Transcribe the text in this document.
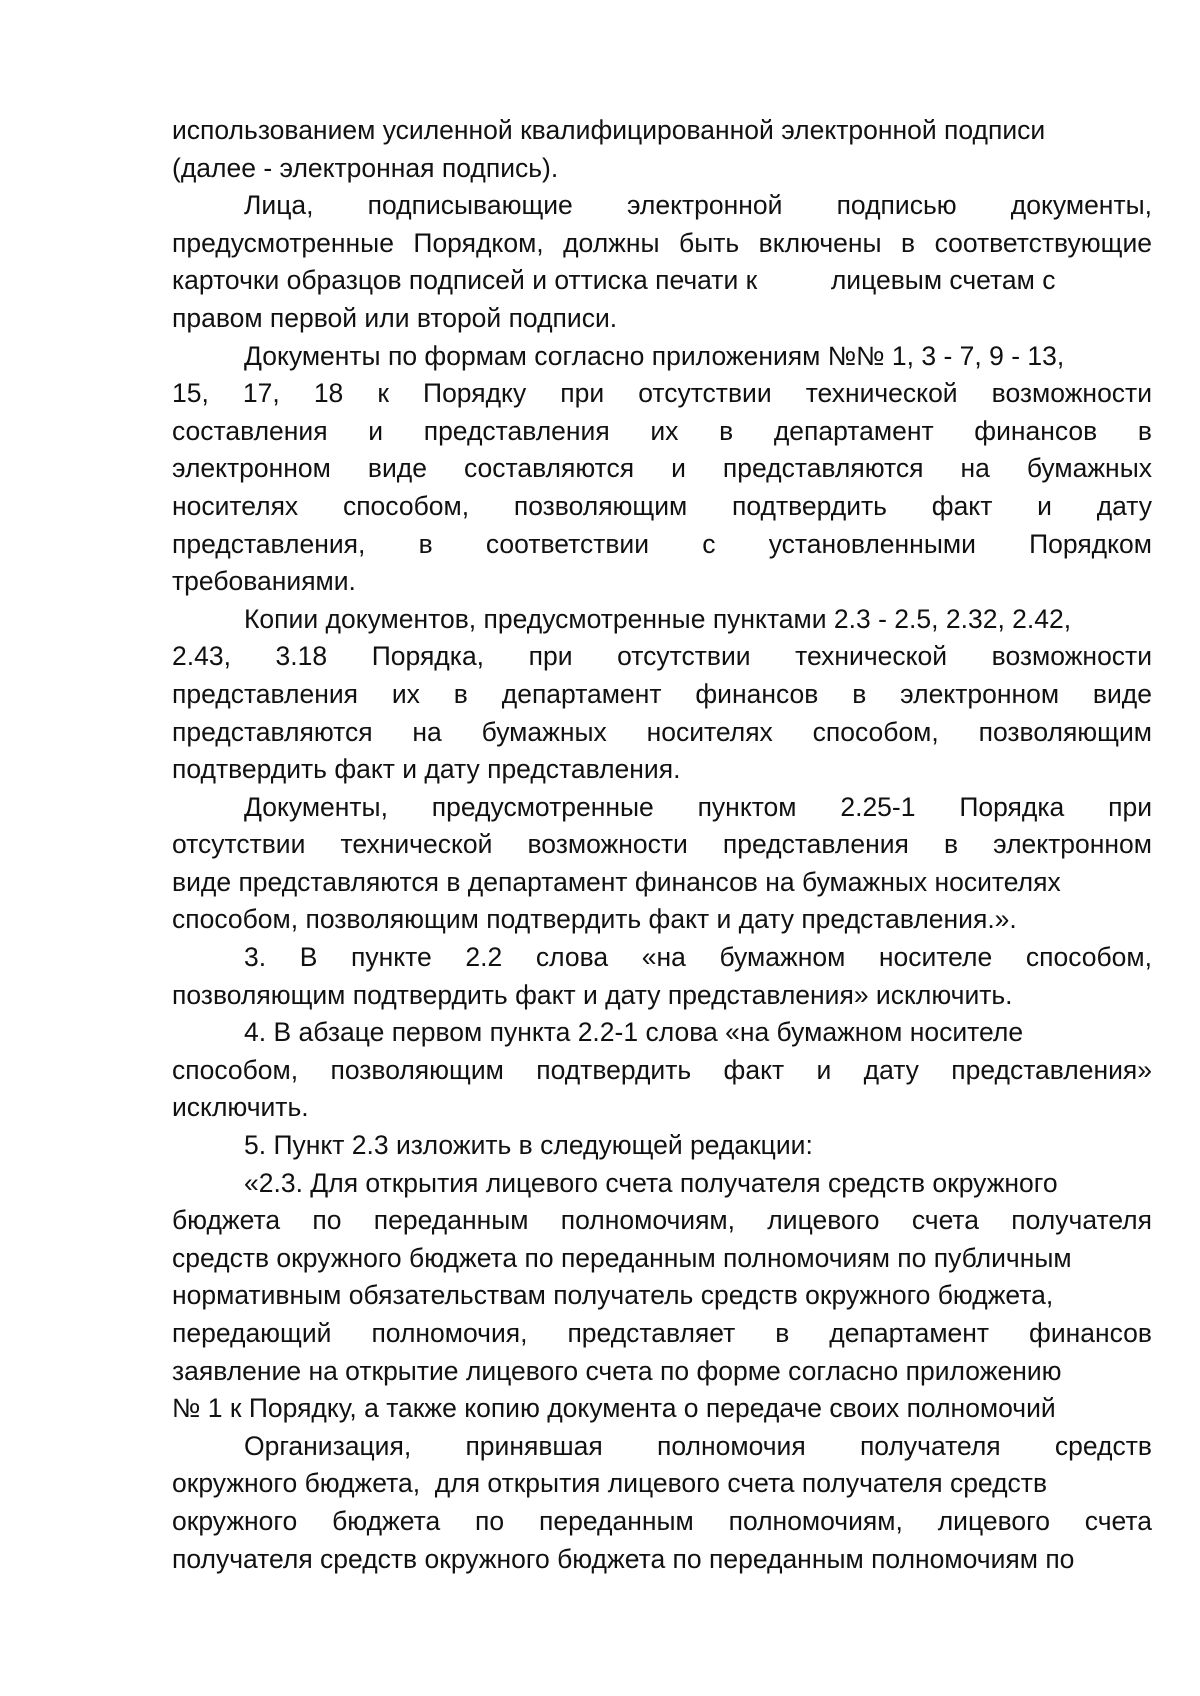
использованием усиленной квалифицированной электронной подписи
(далее - электронная подпись).
Лица, подписывающие электронной подписью документы,
предусмотренные Порядком, должны быть включены в соответствующие
карточки образцов подписей и оттиска печати к          лицевым счетам с
правом первой или второй подписи.
Документы по формам согласно приложениям №№ 1, 3 - 7, 9 - 13,
15, 17, 18 к Порядку при отсутствии технической возможности
составления и представления их в департамент финансов в
электронном виде составляются и представляются на бумажных
носителях способом, позволяющим подтвердить факт и дату
представления, в соответствии с установленными Порядком
требованиями.
Копии документов, предусмотренные пунктами 2.3 - 2.5, 2.32, 2.42,
2.43, 3.18 Порядка, при отсутствии технической возможности
представления их в департамент финансов в электронном виде
представляются на бумажных носителях способом, позволяющим
подтвердить факт и дату представления.
Документы, предусмотренные пунктом 2.25-1 Порядка при
отсутствии технической возможности представления в электронном
виде представляются в департамент финансов на бумажных носителях
способом, позволяющим подтвердить факт и дату представления.».
3. В пункте 2.2 слова «на бумажном носителе способом,
позволяющим подтвердить факт и дату представления» исключить.
4. В абзаце первом пункта 2.2-1 слова «на бумажном носителе
способом, позволяющим подтвердить факт и дату представления»
исключить.
5. Пункт 2.3 изложить в следующей редакции:
«2.3. Для открытия лицевого счета получателя средств окружного
бюджета по переданным полномочиям, лицевого счета получателя
средств окружного бюджета по переданным полномочиям по публичным
нормативным обязательствам получатель средств окружного бюджета,
передающий полномочия, представляет в департамент финансов
заявление на открытие лицевого счета по форме согласно приложению
№ 1 к Порядку, а также копию документа о передаче своих полномочий
Организация, принявшая полномочия получателя средств
окружного бюджета,  для открытия лицевого счета получателя средств
окружного бюджета по переданным полномочиям, лицевого счета
получателя средств окружного бюджета по переданным полномочиям по
